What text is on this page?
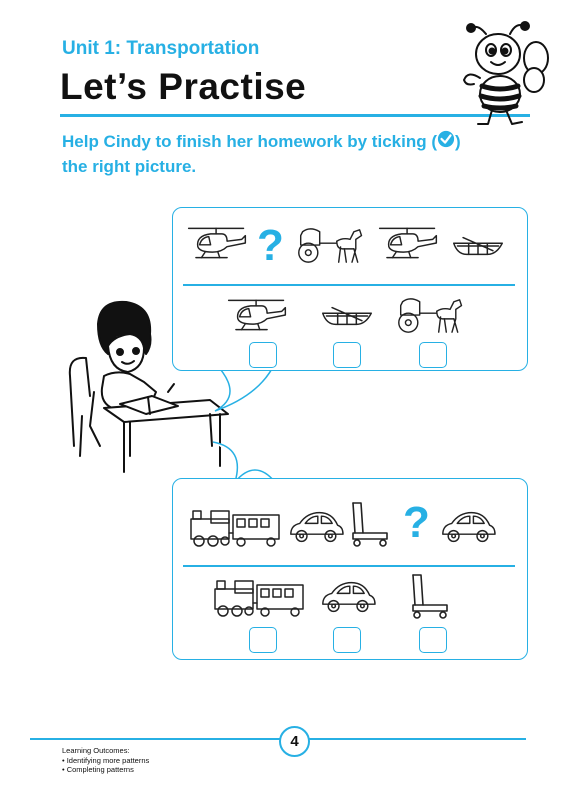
Unit 1: Transportation
Let’s Practise
Help Cindy to finish her homework by ticking ( ) the right picture.
?
?
4
Learning Outcomes:
• Identifying more patterns
• Completing patterns
